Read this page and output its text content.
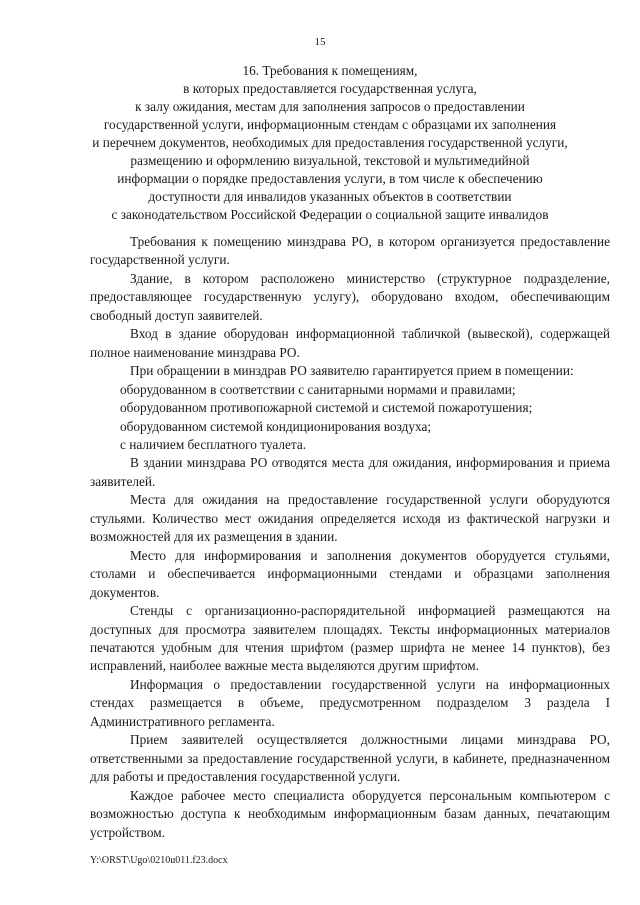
15
16. Требования к помещениям,
в которых предоставляется государственная услуга,
к залу ожидания, местам для заполнения запросов о предоставлении
государственной услуги, информационным стендам с образцами их заполнения
и перечнем документов, необходимых для предоставления государственной услуги,
размещению и оформлению визуальной, текстовой и мультимедийной
информации о порядке предоставления услуги, в том числе к обеспечению
доступности для инвалидов указанных объектов в соответствии
с законодательством Российской Федерации о социальной защите инвалидов

Требования к помещению минздрава РО, в котором организуется предоставление государственной услуги.

Здание, в котором расположено министерство (структурное подразделение, предоставляющее государственную услугу), оборудовано входом, обеспечивающим свободный доступ заявителей.

Вход в здание оборудован информационной табличкой (вывеской), содержащей полное наименование минздрава РО.

При обращении в минздрав РО заявителю гарантируется прием в помещении:

оборудованном в соответствии с санитарными нормами и правилами;

оборудованном противопожарной системой и системой пожаротушения;

оборудованном системой кондиционирования воздуха;

с наличием бесплатного туалета.

В здании минздрава РО отводятся места для ожидания, информирования и приема заявителей.

Места для ожидания на предоставление государственной услуги оборудуются стульями. Количество мест ожидания определяется исходя из фактической нагрузки и возможностей для их размещения в здании.

Место для информирования и заполнения документов оборудуется стульями, столами и обеспечивается информационными стендами и образцами заполнения документов.

Стенды с организационно-распорядительной информацией размещаются на доступных для просмотра заявителем площадях. Тексты информационных материалов печатаются удобным для чтения шрифтом (размер шрифта не менее 14 пунктов), без исправлений, наиболее важные места выделяются другим шрифтом.

Информация о предоставлении государственной услуги на информационных стендах размещается в объеме, предусмотренном подразделом 3 раздела I Административного регламента.

Прием заявителей осуществляется должностными лицами минздрава РО, ответственными за предоставление государственной услуги, в кабинете, предназначенном для работы и предоставления государственной услуги.

Каждое рабочее место специалиста оборудуется персональным компьютером с возможностью доступа к необходимым информационным базам данных, печатающим устройством.

Y:\ORST\Ugo\0210u011.f23.docx
